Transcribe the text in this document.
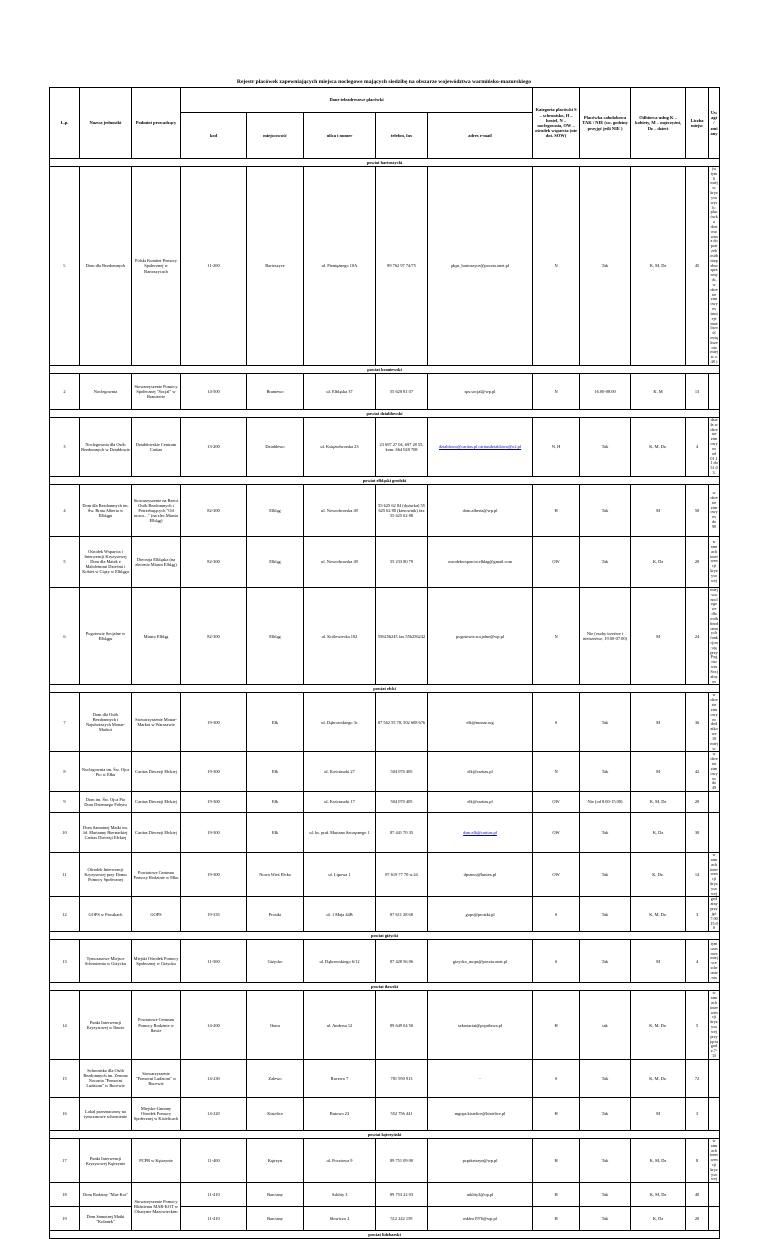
Rejestr placówek zapewniających miejsca noclegowe mających siedzibę na obszarze województwa warmińsko-mazurskiego
L.p.	Nazwa jednostki	Podmiot prowadzący	Dane teleadresowe placówki					Kategoria placówki S – schronisko, H – hostel, N – noclegownia, OW – ośrodek wsparcia (nie dot. SOW)	Placówka całodobowa TAK / NIE (sw. godziny przyjęć jeśli NIE )	Odbiorca usług K – kobiety, M – mężczyźni, Dz – dzieci	Liczba miejsc	Uwagi / zmiany
			kod	miejscowość	ulica i numer	telefon, fax	adres e-mail					
powiat bartoszycki												
1.	Dom dla Bezdomnych	Polski Komitet Pomocy Społecznej w Bartoszycach	11-200	Bartoszyce	ul. Pieniężnego 10A	89 762 97 74/75	pkps_bartoszyce@poczta.onet.pl	N	Tak	K, M, Dz	45	(w tym 6 miejsc kryzysowych; placówka dostosowana do potrzeb osób niepełnosprawnych, w okresie zimowym istnieje możliwość zwiększenia miejsc o 40 )
powiat braniewski												
2	Noclegownia	Stowarzyszenie Pomocy Społecznej "Socjal" w Braniewie	14-500	Braniewo	ul. Elbląska 37	55 620 81 07	sps.socjal@wp.pl	N	16.00-08.00	K, M	13	
powiat działdowski												
3	Noclegownia dla Osób Bezdomnych w Działdowie	Działdowskie Centrum Caritas	13-200	Działdowo	ul. Księżodworska 23	23 697 27 04, 697 28 55, kom. 664 028 708	dzialdowo@caritas.pl caritasdzialdowo@o2.pl	N, H	Tak	K, M, Dz.	4	działa w okresie zimowym od 01.11 do 31.03.
powiat elbląski grodzki												
4	Dom dla Bezdomnych im. Św. Brata Alberta w Elblągu	Stowarzyszenie na Rzecz Osób Bezdomnych i Potrzebujących "Od nowa…" (na zlec.Miasta Elbląg)	82-300	Elbląg	ul. Nowodworska 49	55 625 62 84 (dyżurka) 55 625 62 80 (kierownik) fax 55 625 62 88	dom.alberta@wp.pl	H	Tak	M	50	w okresie zimowym do 90
5	Ośrodek Wsparcia i Interwencji Kryzysowej Dom dla Matek z Małoletnimi Dziećmi i Kobiet w Ciąży w Elblągu	Diecezja Elbląska (na zlecenie Miasta Elbląg)	82-300	Elbląg	ul. Nowodworska 49	55 233 80 79	osrodekwsparcia.elblag@gmail.com	OW	Tak	K, Dz	20	w ramach interwencji kryzysowej
6	Pogotowie Socjalne w Elblągu	Miasto Elbląg	82-300	Elbląg	ul. Królewiecka 102	556256245 fax 556256242	pogotowie.socjalne@wp.pl	N	Nie (osoby trzeźwe i nietrzeźwe, 19.00-07.00)	M	24	miejsca noclegowe dla osób bezdomnych funkcjonują przy Pogotowiu Socjalnym
powiat ełcki												
7	Dom dla Osób Bezdomnych i Najuboższych Monar-Markot	Stowarzyszenie Monar-Markot w Warszawie	19-300	Ełk	ul. Dąbrowskiego 3c	87 562 55 78, 502 608 676	elk@monar.org	S	Tak	M	36	w okresie zimowym dodatkowe 10 miejsc
8	Noclegownia im. Św. Ojca Pio w Ełku	Caritas Diecezji Ełckiej	19-300	Ełk	ul. Kościuszki 27	504 070 405	elk@caritas.pl	N	Tak	M	42	w okresie zimowym do 49
9	Dom im. Św. Ojca Pio Dom Dziennego Pobytu	Caritas Diecezji Ełckiej	19-300	Ełk	ul. Kościuszki 17	504 070 405	elk@caritas.pl	OW	Nie (od 8.00-15.00)	K, M, Dz	20	
10	Dom Samotnej Matki im. bł. Marianny Biernackiej Caritas Diecezji Ełckiej	Caritas Diecezji Ełckiej	19-300	Ełk	ul. ks. prał. Mariana Szczęsnego 1	87 441 70 35	dsm.elk@caritas.pl	OW	Tak	K, Dz	30	
11	Ośrodek Interwencji Kryzysowej przy Domu Pomocy Społecznej	Powiatowe Centrum Pomocy Rodzinie w Ełku	19-300	Nowa Wieś Ełcka	ul. Lipowa 1	87 619 77 70 w.24	dpsnws@luntex.pl	OW	Tak	K, Dz.	14	w ramach interwencji kryzysowej
12	GOPS w Prostkach	GOPS	19-335	Prostki	ul. 1 Maja 44B	87 611 28 68	gops@prostki.pl	S	Tak	K, M, Dz.	3	godziny przyjęć 7:00 15:00
powiat giżycki												
13	Tymczasowe Miejsce Schronienia w Giżycku	Miejski Ośrodek Pomocy Społecznej w Giżycku	11-500	Giżycko	ul. Dąbrowskiego 6/12	87 428 56 06	gizycko_mops@poczta.onet.pl	S	Tak	M	4	tymczasowe miejsce schronienia
powiat iławski												
14	Punkt Interwencji Kryzysowej w Iławie	Powiatowe Centrum Pomocy Rodzinie w Iławie	14-200	Iława	ul. Andersa 12	89 649 04 50	sekretariat@pcpriława.pl	H	tak	K, M, Dz.	5	w ramach interwencji kryzysowej przyjęcia godz.7-15
15	Schronisko dla Osób Bezdomnych im. Zenona Noconia "Pomocni Ludziom" w Rucewie	Stowarzyszenie "Pomocni Ludziom" w Rucewie	14-230	Zalewo	Rucewo 7	781 950 913	-	S	Tak	K, M, Dz.	72	
16	Lokal przeznaczony na tymczasowe schronienie	Miejsko-Gminny Ośrodek Pomocy Społecznej w Kisielicach	14-220	Kisielice	Butowo 23	552 756 441	mgops.kisielice@kisielice.pl	H	Tak	M	3	
powiat kętrzyński												
17	Punkt Interwencji Kryzysowej Kętrzynie	PCPR w Kętrzynie	11-400	Kętrzyn	ul. Pocztowa 9	89 751 09 00	pcprketrzyn@wp.pl	H	Tak	K, M, Dz	8	w ramach interwencji kryzysowej
18	Dom Rodziny "Mar-Kot"	Stowarzyszenie Pomocy Bliźniemu MAR-KOT w Olsztynie Mazowieckim	11-410	Barciany	Arklity 3	89 753 22 03	arklity3@op.pl	H	Tak	K, M, Dz	40	
19	Dom Samotnej Matki "Kolanek"		11-410	Barciany	Słowiczo 2	512 242 159	mkleo1976@wp.pl	H	Tak	K, Dz	20	
powiat lidzbarski												
